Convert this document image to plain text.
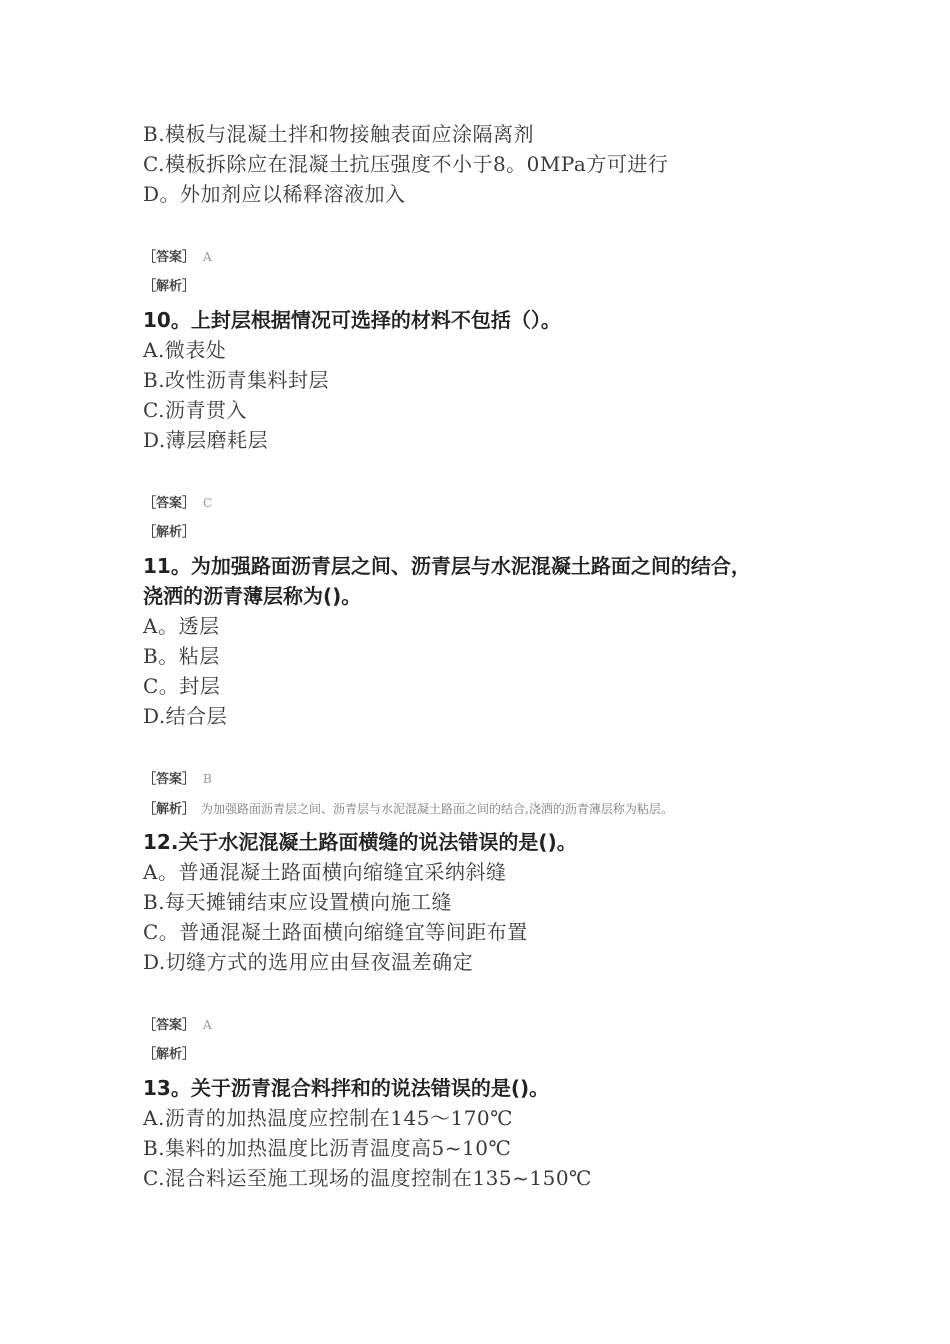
B.模板与混凝土拌和物接触表面应涂隔离剂
C.模板拆除应在混凝土抗压强度不小于8。0MPa方可进行
D。外加剂应以稀释溶液加入
［答案］ A
［解析］
10。上封层根据情况可选择的材料不包括（）。
A.微表处
B.改性沥青集料封层
C.沥青贯入
D.薄层磨耗层
［答案］ C
［解析］
11。为加强路面沥青层之间、沥青层与水泥混凝土路面之间的结合，
浇洒的沥青薄层称为()。
A。透层
B。粘层
C。封层
D.结合层
［答案］ B
［解析］ 为加强路面沥青层之间、沥青层与水泥混凝土路面之间的结合,浇洒的沥青薄层称为粘层。
12.关于水泥混凝土路面横缝的说法错误的是()。
A。普通混凝土路面横向缩缝宜采纳斜缝
B.每天摊铺结束应设置横向施工缝
C。普通混凝土路面横向缩缝宜等间距布置
D.切缝方式的选用应由昼夜温差确定
［答案］ A
［解析］
13。关于沥青混合料拌和的说法错误的是()。
A.沥青的加热温度应控制在145～170℃
B.集料的加热温度比沥青温度高5~10℃
C.混合料运至施工现场的温度控制在135~150℃
